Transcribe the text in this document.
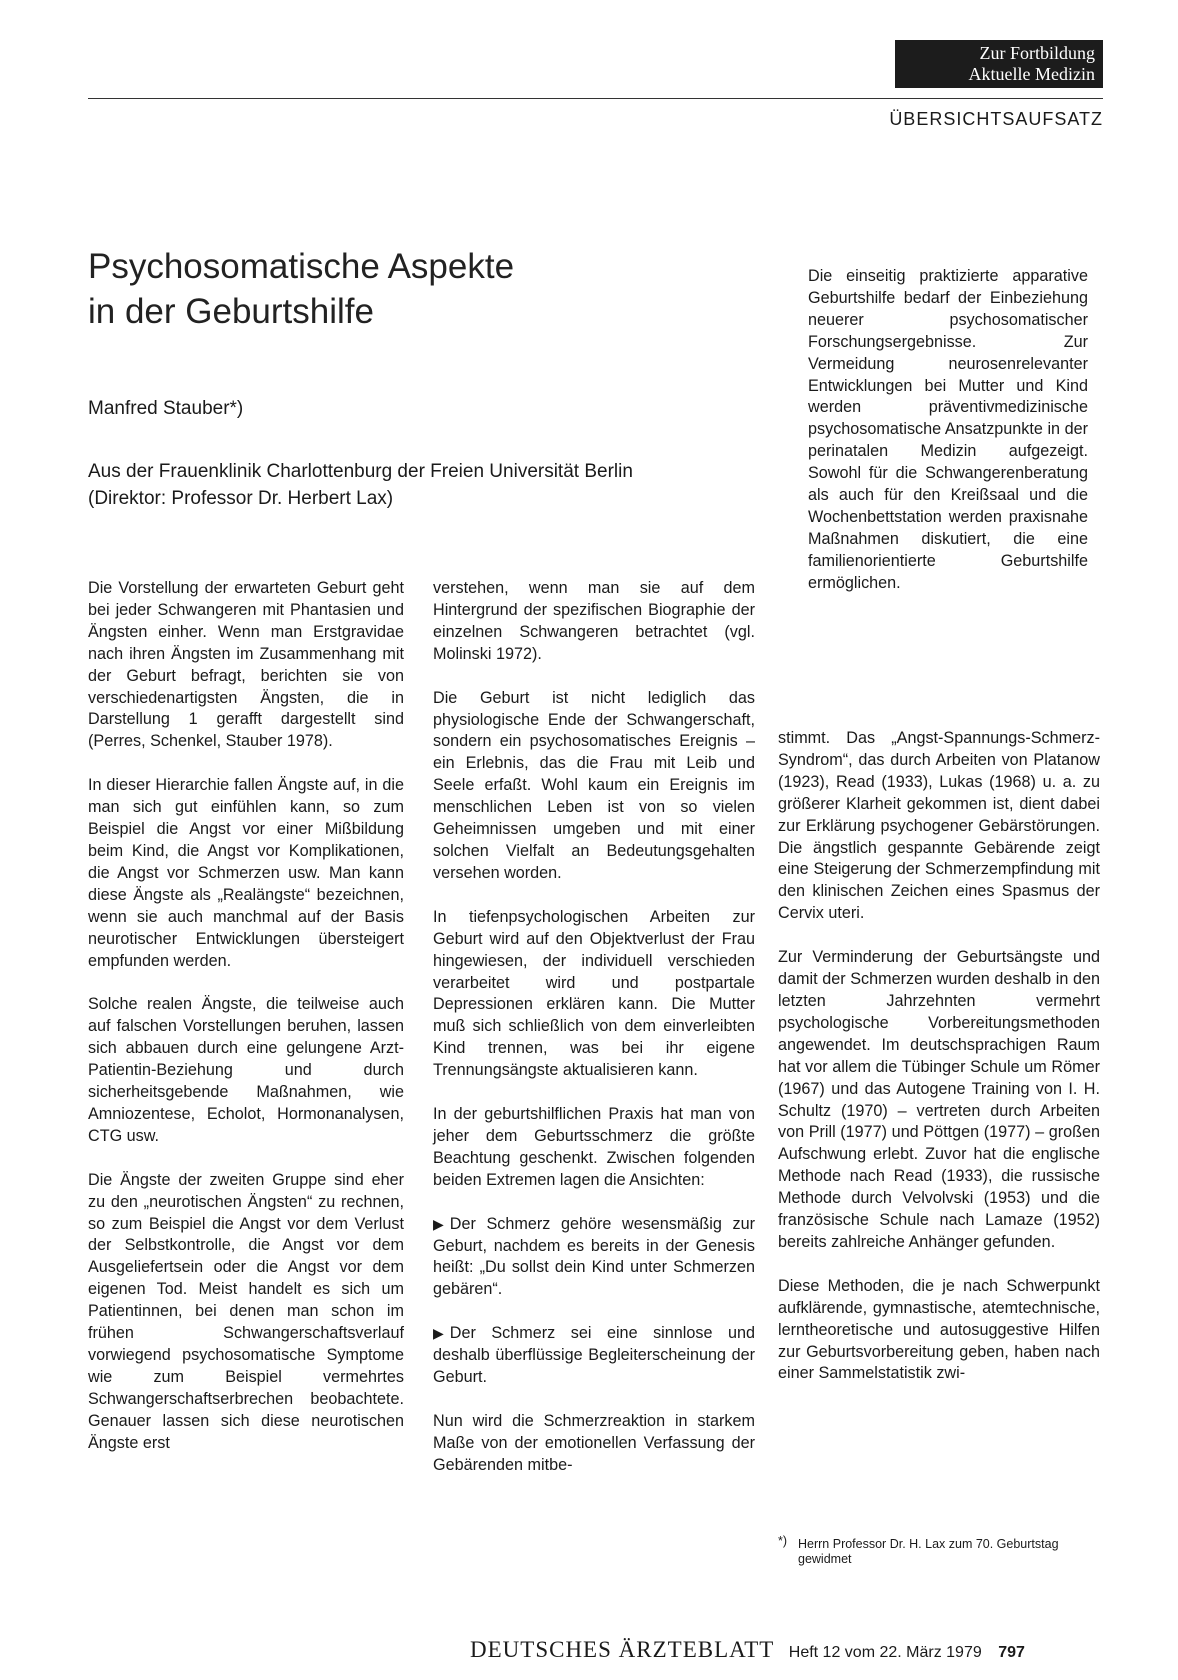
Zur Fortbildung
Aktuelle Medizin
ÜBERSICHTSAUFSATZ
Psychosomatische Aspekte
in der Geburtshilfe
Manfred Stauber*)
Aus der Frauenklinik Charlottenburg der Freien Universität Berlin
(Direktor: Professor Dr. Herbert Lax)

Die einseitig praktizierte apparative Geburtshilfe bedarf der Einbeziehung neuerer psychosomatischer Forschungsergebnisse. Zur Vermeidung neurosenrelevanter Entwicklungen bei Mutter und Kind werden präventivmedizinische psychosomatische Ansatzpunkte in der perinatalen Medizin aufgezeigt. Sowohl für die Schwangerenberatung als auch für den Kreißsaal und die Wochenbettstation werden praxisnahe Maßnahmen diskutiert, die eine familienorientierte Geburtshilfe ermöglichen.

Die Vorstellung der erwarteten Geburt geht bei jeder Schwangeren mit Phantasien und Ängsten einher. Wenn man Erstgravidae nach ihren Ängsten im Zusammenhang mit der Geburt befragt, berichten sie von verschiedenartigsten Ängsten, die in Darstellung 1 gerafft dargestellt sind (Perres, Schenkel, Stauber 1978).

In dieser Hierarchie fallen Ängste auf, in die man sich gut einfühlen kann, so zum Beispiel die Angst vor einer Mißbildung beim Kind, die Angst vor Komplikationen, die Angst vor Schmerzen usw. Man kann diese Ängste als „Realängste“ bezeichnen, wenn sie auch manchmal auf der Basis neurotischer Entwicklungen übersteigert empfunden werden.

Solche realen Ängste, die teilweise auch auf falschen Vorstellungen beruhen, lassen sich abbauen durch eine gelungene Arzt-Patientin-Beziehung und durch sicherheitsgebende Maßnahmen, wie Amniozentese, Echolot, Hormonanalysen, CTG usw.

Die Ängste der zweiten Gruppe sind eher zu den „neurotischen Ängsten“ zu rechnen, so zum Beispiel die Angst vor dem Verlust der Selbstkontrolle, die Angst vor dem Ausgeliefertsein oder die Angst vor dem eigenen Tod. Meist handelt es sich um Patientinnen, bei denen man schon im frühen Schwangerschaftsverlauf vorwiegend psychosomatische Symptome wie zum Beispiel vermehrtes Schwangerschaftserbrechen beobachtete. Genauer lassen sich diese neurotischen Ängste erst

verstehen, wenn man sie auf dem Hintergrund der spezifischen Biographie der einzelnen Schwangeren betrachtet (vgl. Molinski 1972).

Die Geburt ist nicht lediglich das physiologische Ende der Schwangerschaft, sondern ein psychosomatisches Ereignis – ein Erlebnis, das die Frau mit Leib und Seele erfaßt. Wohl kaum ein Ereignis im menschlichen Leben ist von so vielen Geheimnissen umgeben und mit einer solchen Vielfalt an Bedeutungsgehalten versehen worden.

In tiefenpsychologischen Arbeiten zur Geburt wird auf den Objektverlust der Frau hingewiesen, der individuell verschieden verarbeitet wird und postpartale Depressionen erklären kann. Die Mutter muß sich schließlich von dem einverleibten Kind trennen, was bei ihr eigene Trennungsängste aktualisieren kann.

In der geburtshilflichen Praxis hat man von jeher dem Geburtsschmerz die größte Beachtung geschenkt. Zwischen folgenden beiden Extremen lagen die Ansichten:

▶ Der Schmerz gehöre wesensmäßig zur Geburt, nachdem es bereits in der Genesis heißt: „Du sollst dein Kind unter Schmerzen gebären“.

▶ Der Schmerz sei eine sinnlose und deshalb überflüssige Begleiterscheinung der Geburt.

Nun wird die Schmerzreaktion in starkem Maße von der emotionellen Verfassung der Gebärenden mitbe-

stimmt. Das „Angst-Spannungs-Schmerz-Syndrom“, das durch Arbeiten von Platanow (1923), Read (1933), Lukas (1968) u. a. zu größerer Klarheit gekommen ist, dient dabei zur Erklärung psychogener Gebärstörungen. Die ängstlich gespannte Gebärende zeigt eine Steigerung der Schmerzempfindung mit den klinischen Zeichen eines Spasmus der Cervix uteri.

Zur Verminderung der Geburtsängste und damit der Schmerzen wurden deshalb in den letzten Jahrzehnten vermehrt psychologische Vorbereitungsmethoden angewendet. Im deutschsprachigen Raum hat vor allem die Tübinger Schule um Römer (1967) und das Autogene Training von I. H. Schultz (1970) – vertreten durch Arbeiten von Prill (1977) und Pöttgen (1977) – großen Aufschwung erlebt. Zuvor hat die englische Methode nach Read (1933), die russische Methode durch Velvolvski (1953) und die französische Schule nach Lamaze (1952) bereits zahlreiche Anhänger gefunden.

Diese Methoden, die je nach Schwerpunkt aufklärende, gymnastische, atemtechnische, lerntheoretische und autosuggestive Hilfen zur Geburtsvorbereitung geben, haben nach einer Sammelstatistik zwi-

*) Herrn Professor Dr. H. Lax zum 70. Geburtstag gewidmet
DEUTSCHES ÄRZTEBLATT Heft 12 vom 22. März 1979 797
